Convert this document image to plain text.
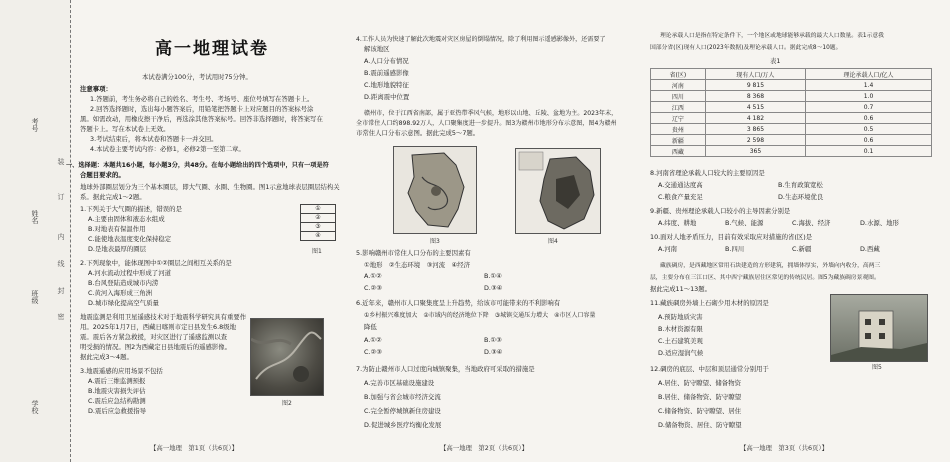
考号
姓名
班级
学校
装
订
内
线
封
密
高一地理试卷
本试卷满分100分，考试用时75分钟。
注意事项：
1.答题前，考生务必将自己的姓名、考生号、考场号、座位号填写在答题卡上。
2.回答选择题时，选出每小题答案后，用铅笔把答题卡上对应题目的答案标号涂
黑。如需改动，用橡皮擦干净后，再选涂其他答案标号。回答非选择题时，将答案写在
答题卡上。写在本试卷上无效。
3.考试结束后，将本试卷和答题卡一并交回。
4.本试卷主要考试内容：必修1，必修2第一至第二章。
一、选择题：本题共16小题，每小题3分，共48分。在每小题给出的四个选项中，只有一项是符
合题目要求的。
地球外部圈层划分为三个基本圈层，即大气圈、水圈、生物圈。图1示意地球表层圈层结构关
系。据此完成1～2题。
1.下列关于大气圈的描述，错误的是
A.主要由固体和液态水组成
B.对地表有保温作用
C.能使地表温度变化保持稳定
D.是地表最厚的圈层
①
②
③
④
图1
2.下列现象中，能体现图中①②圈层之间相互关系的是
A.河水流动过程中形成了河道
B.台风登陆造成城市内涝
C.黄河入海形成三角洲
D.城市绿化提高空气质量
地震监测是利用卫星遥感技术对于地震科学研究具有重要作
用。2025年1月7日，西藏日喀则市定日县发生6.8级地
震。震后各方紧急救援，对灾区进行了遥感监测以查
明受损的情况。图2为西藏定日县地震后的遥感影像。
据此完成3～4题。
图2
3.地震遥感的应用场景不包括
A.震后三维监测预报
B.地震灾害损失评估
C.震后应急结构勘测
D.震后应急救援指导
【高一地理　第1页（共6页）】
4.工作人员为快速了解此次地震对灾区房屋的倒塌情况，除了利用图示遥感影像外，还需要了
解该地区
A.人口分布情况
B.震前遥感影像
C.地形地貌特征
D.距离震中位置
赣州市，位于江西省南部，属于亚热带季风气候，地形以山地、丘陵、盆地为主。2023年末，
全市常住人口约898.92万人，人口聚集度进一步提升。图3为赣州市地形分布示意图，图4为赣州
市常住人口分布示意图。据此完成5～7题。
图3	图4
5.影响赣州市常住人口分布的主要因素有
①地形　②生态环境　③河流　④经济
A.①②	B.①④
C.②③	D.③④
6.近年来，赣州市人口聚集度呈上升趋势，给该市可能带来的不利影响有
①乡村振兴难度加大　②市域内的经济地位下降　③城镇交通压力增大　④市区人口容量
降低
A.①②	B.①③
C.②③	D.③④
7.为防止赣州市人口过度向城镇聚集，当地政府可采取的措施是
A.完善市区基础设施建设
B.加强与省会城市经济交流
C.完全暂停城镇新住房建设
D.促进城乡医疗均衡化发展
【高一地理　第2页（共6页）】
理论承载人口是指在特定条件下，一个地区或地球能够承载的最大人口数量。表1示意我
国部分省(区)现有人口(2023年数据)及理论承载人口。据此完成8～10题。
表1
省(区)	现有人口/万人	理论承载人口/亿人
河南	9 815	1.4
四川	8 368	1.0
江西	4 515	0.7
辽宁	4 182	0.6
贵州	3 865	0.5
新疆	2 598	0.6
西藏	365	0.1
8.河南省理论承载人口较大的主要原因是
A.交通通达度高	B.生育政策宽松
C.粮食产量充足	D.生态环境优良
9.新疆、贵州理论承载人口较小的主导因素分别是
A.纬度、耕地	B.气候、能源	C.海拔、经济	D.水源、地形
10.面对人地矛盾压力，目前有效采取应对措施的省(区)是
A.河南	B.四川	C.新疆	D.西藏
藏族碉房，是西藏地区常用石块建造的方形建筑，拥墙体厚实，外墙向内收分，高两三
层，主要分布在三江口区、其中西宁藏族居住区常见的传统民居。图5为藏族碉房景观图。
据此完成11～13题。
11.藏族碉房外墙上石砌少用木材的原因是
A.预防地质灾害
B.木材资源有限
C.土石建筑美观
D.适应湿润气候
图5
12.碉房的底层、中层和顶层通常分别用于
A.居住、防守瞭望、储备物资
B.居住、储备物资、防守瞭望
C.储备物资、防守瞭望、居住
D.储备物资、居住、防守瞭望
【高一地理　第3页（共6页）】
